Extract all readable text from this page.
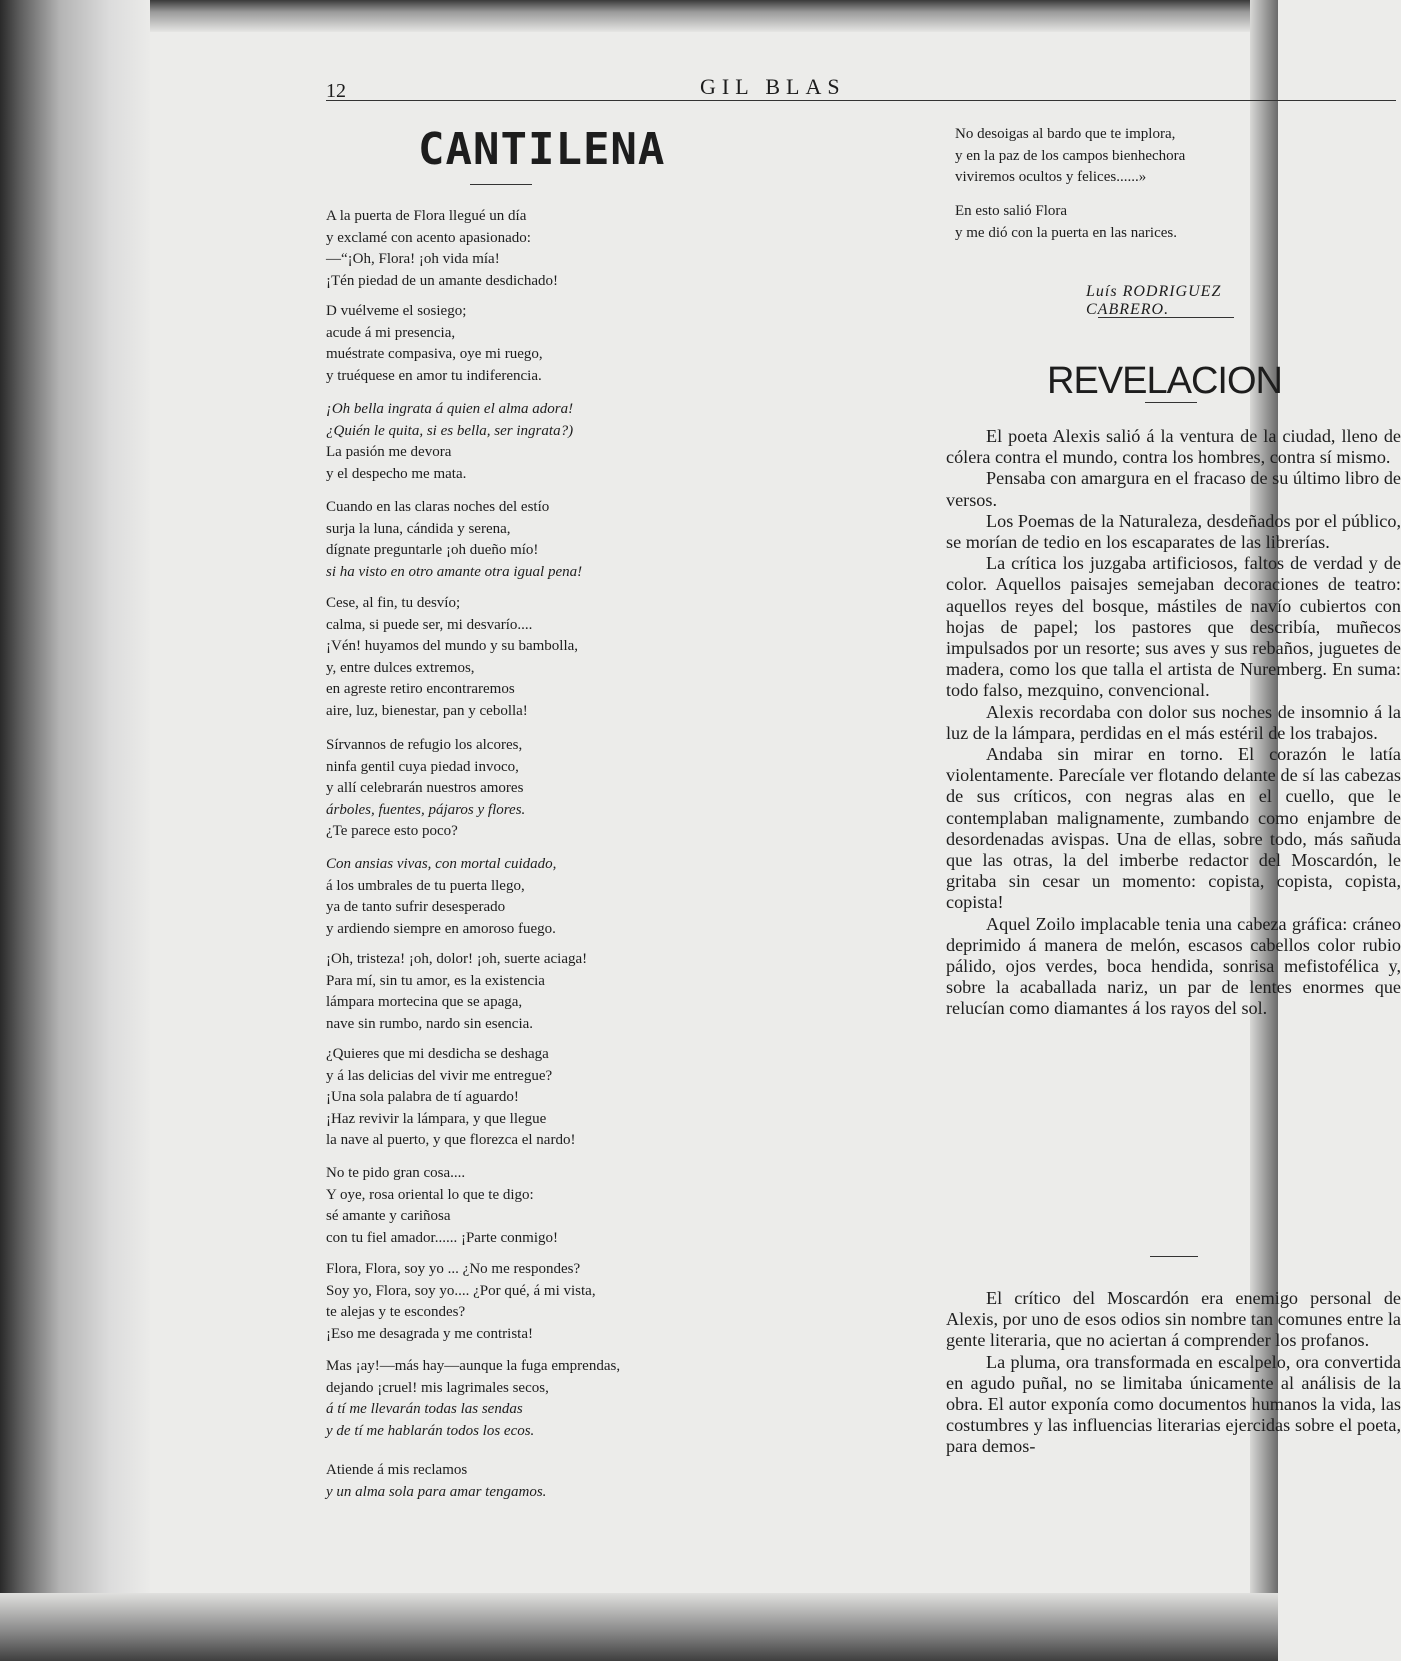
12	GIL BLAS
CANTILENA
A la puerta de Flora llegué un día
y exclamé con acento apasionado:
—“¡Oh, Flora! ¡oh vida mía!
¡Tén piedad de un amante desdichado!
D vuélveme el sosiego;
acude á mi presencia,
muéstrate compasiva, oye mi ruego,
y truéquese en amor tu indiferencia.
¡Oh bella ingrata á quien el alma adora!
¿Quién le quita, si es bella, ser ingrata?)
La pasión me devora
y el despecho me mata.
Cuando en las claras noches del estío
surja la luna, cándida y serena,
dígnate preguntarle ¡oh dueño mío!
si ha visto en otro amante otra igual pena!
Cese, al fin, tu desvío;
calma, si puede ser, mi desvarío....
¡Vén! huyamos del mundo y su bambolla,
y, entre dulces extremos,
en agreste retiro encontraremos
aire, luz, bienestar, pan y cebolla!
Sírvannos de refugio los alcores,
ninfa gentil cuya piedad invoco,
y allí celebrarán nuestros amores
árboles, fuentes, pájaros y flores.
¿Te parece esto poco?
Con ansias vivas, con mortal cuidado,
á los umbrales de tu puerta llego,
ya de tanto sufrir desesperado
y ardiendo siempre en amoroso fuego.
¡Oh, tristeza! ¡oh, dolor! ¡oh, suerte aciaga!
Para mí, sin tu amor, es la existencia
lámpara mortecina que se apaga,
nave sin rumbo, nardo sin esencia.
¿Quieres que mi desdicha se deshaga
y á las delicias del vivir me entregue?
¡Una sola palabra de tí aguardo!
¡Haz revivir la lámpara, y que llegue
la nave al puerto, y que florezca el nardo!
No te pido gran cosa....
Y oye, rosa oriental lo que te digo:
sé amante y cariñosa
con tu fiel amador...... ¡Parte conmigo!
Flora, Flora, soy yo ... ¿No me respondes?
Soy yo, Flora, soy yo.... ¿Por qué, á mi vista,
te alejas y te escondes?
¡Eso me desagrada y me contrista!
Mas ¡ay!—más hay—aunque la fuga emprendas,
dejando ¡cruel! mis lagrimales secos,
á tí me llevarán todas las sendas
y de tí me hablarán todos los ecos.
Atiende á mis reclamos
y un alma sola para amar tengamos.
No desoigas al bardo que te implora,
y en la paz de los campos bienhechora
viviremos ocultos y felices......»
En esto salió Flora
y me dió con la puerta en las narices.
Luís RODRIGUEZ CABRERO.
REVELACION

El poeta Alexis salió á la ventura de la ciudad, lleno de cólera contra el mundo, contra los hombres, contra sí mismo.

Pensaba con amargura en el fracaso de su último libro de versos.

Los Poemas de la Naturaleza, desdeñados por el público, se morían de tedio en los escaparates de las librerías.

La crítica los juzgaba artificiosos, faltos de verdad y de color. Aquellos paisajes semejaban decoraciones de teatro: aquellos reyes del bosque, mástiles de navío cubiertos con hojas de papel; los pastores que describía, muñecos impulsados por un resorte; sus aves y sus rebaños, juguetes de madera, como los que talla el artista de Nuremberg. En suma: todo falso, mezquino, convencional.

Alexis recordaba con dolor sus noches de insomnio á la luz de la lámpara, perdidas en el más estéril de los trabajos.

Andaba sin mirar en torno. El corazón le latía violentamente. Parecíale ver flotando delante de sí las cabezas de sus críticos, con negras alas en el cuello, que le contemplaban malignamente, zumbando como enjambre de desordenadas avispas. Una de ellas, sobre todo, más sañuda que las otras, la del imberbe redactor del Moscardón, le gritaba sin cesar un momento: copista, copista, copista, copista!

Aquel Zoilo implacable tenia una cabeza gráfica: cráneo deprimido á manera de melón, escasos cabellos color rubio pálido, ojos verdes, boca hendida, sonrisa mefistofélica y, sobre la acaballada nariz, un par de lentes enormes que relucían como diamantes á los rayos del sol.

El crítico del Moscardón era enemigo personal de Alexis, por uno de esos odios sin nombre tan comunes entre la gente literaria, que no aciertan á comprender los profanos.

La pluma, ora transformada en escalpelo, ora convertida en agudo puñal, no se limitaba únicamente al análisis de la obra. El autor exponía como documentos humanos la vida, las costumbres y las influencias literarias ejercidas sobre el poeta, para demos-
